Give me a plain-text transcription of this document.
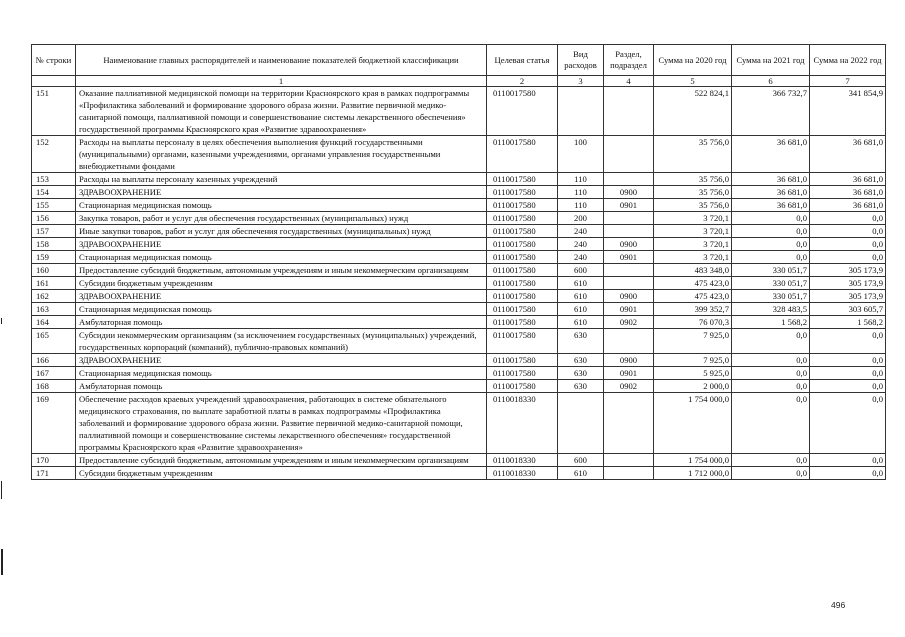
№ строки	Наименование главных распорядителей и наименование показателей бюджетной классификации	Целевая статья	Вид расходов	Раздел, подраздел	Сумма на 2020 год	Сумма на 2021 год	Сумма на 2022 год
	1	2	3	4	5	6	7
151	Оказание паллиативной медицинской помощи на территории Красноярского края в рамках подпрограммы «Профилактика заболеваний и формирование здорового образа жизни. Развитие первичной медико-санитарной помощи, паллиативной помощи и совершенствование системы лекарственного обеспечения» государственной программы Красноярского края «Развитие здравоохранения»	0110017580			522 824,1	366 732,7	341 854,9
152	Расходы на выплаты персоналу в целях обеспечения выполнения функций государственными (муниципальными) органами, казенными учреждениями, органами управления государственными внебюджетными фондами	0110017580	100		35 756,0	36 681,0	36 681,0
153	Расходы на выплаты персоналу казенных учреждений	0110017580	110		35 756,0	36 681,0	36 681,0
154	ЗДРАВООХРАНЕНИЕ	0110017580	110	0900	35 756,0	36 681,0	36 681,0
155	Стационарная медицинская помощь	0110017580	110	0901	35 756,0	36 681,0	36 681,0
156	Закупка товаров, работ и услуг для обеспечения государственных (муниципальных) нужд	0110017580	200		3 720,1	0,0	0,0
157	Иные закупки товаров, работ и услуг для обеспечения государственных (муниципальных) нужд	0110017580	240		3 720,1	0,0	0,0
158	ЗДРАВООХРАНЕНИЕ	0110017580	240	0900	3 720,1	0,0	0,0
159	Стационарная медицинская помощь	0110017580	240	0901	3 720,1	0,0	0,0
160	Предоставление субсидий бюджетным, автономным учреждениям и иным некоммерческим организациям	0110017580	600		483 348,0	330 051,7	305 173,9
161	Субсидии бюджетным учреждениям	0110017580	610		475 423,0	330 051,7	305 173,9
162	ЗДРАВООХРАНЕНИЕ	0110017580	610	0900	475 423,0	330 051,7	305 173,9
163	Стационарная медицинская помощь	0110017580	610	0901	399 352,7	328 483,5	303 605,7
164	Амбулаторная помощь	0110017580	610	0902	76 070,3	1 568,2	1 568,2
165	Субсидии некоммерческим организациям (за исключением государственных (муниципальных) учреждений, государственных корпораций (компаний), публично-правовых компаний)	0110017580	630		7 925,0	0,0	0,0
166	ЗДРАВООХРАНЕНИЕ	0110017580	630	0900	7 925,0	0,0	0,0
167	Стационарная медицинская помощь	0110017580	630	0901	5 925,0	0,0	0,0
168	Амбулаторная помощь	0110017580	630	0902	2 000,0	0,0	0,0
169	Обеспечение расходов краевых учреждений здравоохранения, работающих в системе обязательного медицинского страхования, по выплате заработной платы в рамках подпрограммы «Профилактика заболеваний и формирование здорового образа жизни. Развитие первичной медико-санитарной помощи, паллиативной помощи и совершенствование системы лекарственного обеспечения» государственной программы Красноярского края «Развитие здравоохранения»	0110018330			1 754 000,0	0,0	0,0
170	Предоставление субсидий бюджетным, автономным учреждениям и иным некоммерческим организациям	0110018330	600		1 754 000,0	0,0	0,0
171	Субсидии бюджетным учреждениям	0110018330	610		1 712 000,0	0,0	0,0
496
